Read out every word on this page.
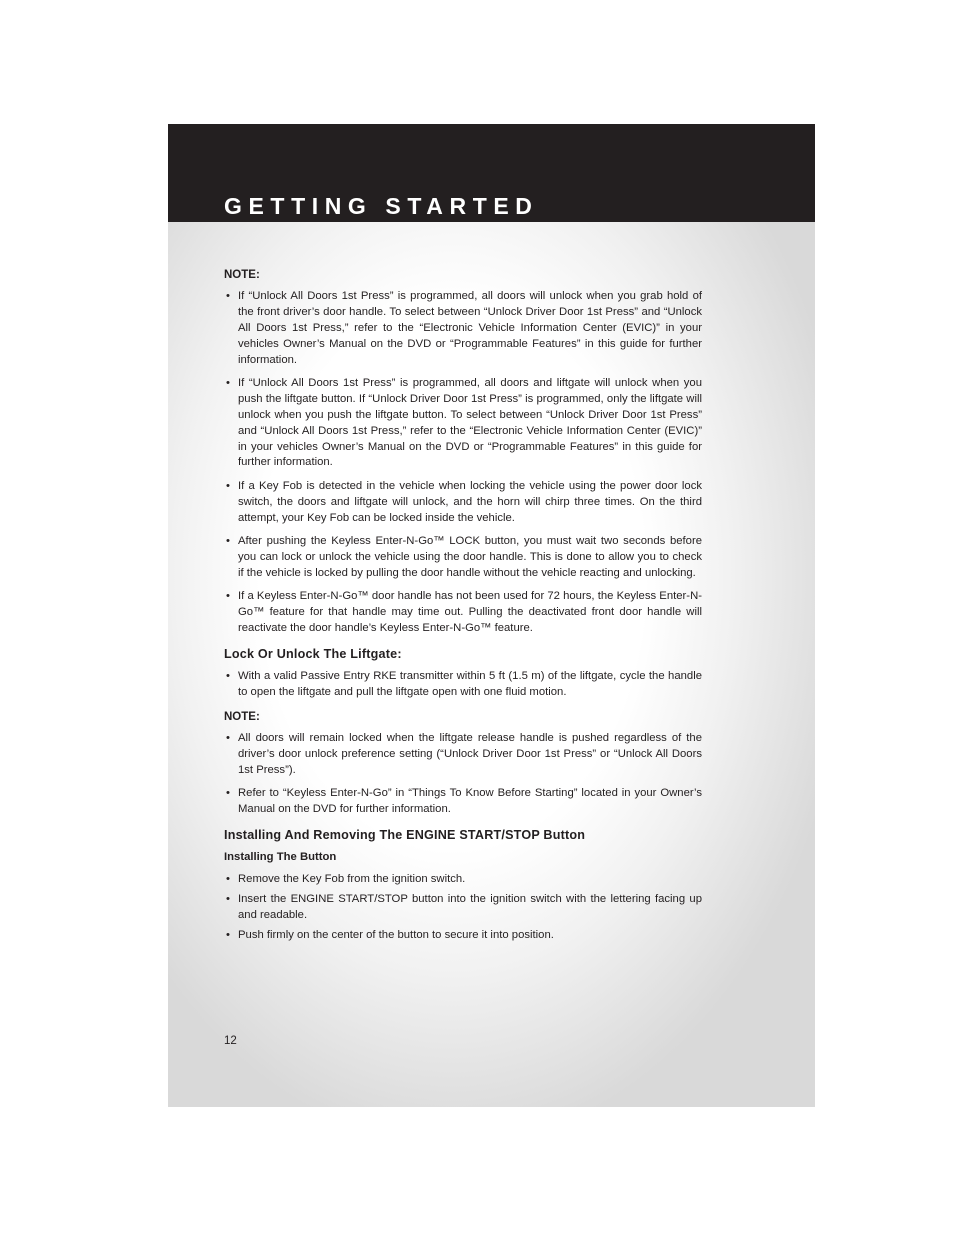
GETTING STARTED

NOTE:

• If “Unlock All Doors 1st Press” is programmed, all doors will unlock when you grab hold of the front driver’s door handle. To select between “Unlock Driver Door 1st Press” and “Unlock All Doors 1st Press,” refer to the “Electronic Vehicle Information Center (EVIC)” in your vehicles Owner’s Manual on the DVD or “Programmable Features” in this guide for further information.
• If “Unlock All Doors 1st Press” is programmed, all doors and liftgate will unlock when you push the liftgate button. If “Unlock Driver Door 1st Press” is programmed, only the liftgate will unlock when you push the liftgate button. To select between “Unlock Driver Door 1st Press” and “Unlock All Doors 1st Press,” refer to the “Electronic Vehicle Information Center (EVIC)” in your vehicles Owner’s Manual on the DVD or “Programmable Features” in this guide for further information.
• If a Key Fob is detected in the vehicle when locking the vehicle using the power door lock switch, the doors and liftgate will unlock, and the horn will chirp three times. On the third attempt, your Key Fob can be locked inside the vehicle.
• After pushing the Keyless Enter-N-Go™ LOCK button, you must wait two seconds before you can lock or unlock the vehicle using the door handle. This is done to allow you to check if the vehicle is locked by pulling the door handle without the vehicle reacting and unlocking.
• If a Keyless Enter-N-Go™ door handle has not been used for 72 hours, the Keyless Enter-N-Go™ feature for that handle may time out. Pulling the deactivated front door handle will reactivate the door handle’s Keyless Enter-N-Go™ feature.
Lock Or Unlock The Liftgate:
• With a valid Passive Entry RKE transmitter within 5 ft (1.5 m) of the liftgate, cycle the handle to open the liftgate and pull the liftgate open with one fluid motion.

NOTE:

• All doors will remain locked when the liftgate release handle is pushed regardless of the driver’s door unlock preference setting (“Unlock Driver Door 1st Press” or “Unlock All Doors 1st Press”).
• Refer to “Keyless Enter-N-Go” in “Things To Know Before Starting” located in your Owner’s Manual on the DVD for further information.
Installing And Removing The ENGINE START/STOP Button
Installing The Button
• Remove the Key Fob from the ignition switch.
• Insert the ENGINE START/STOP button into the ignition switch with the lettering facing up and readable.
• Push firmly on the center of the button to secure it into position.
12
